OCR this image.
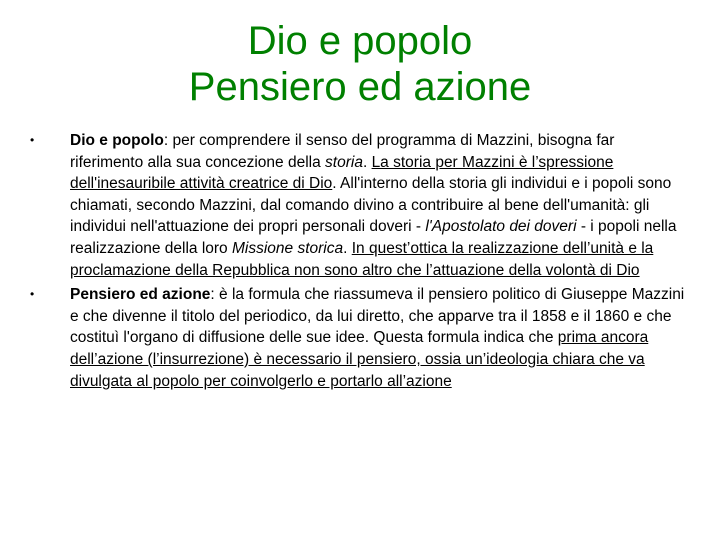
Dio e popolo
Pensiero ed azione
• Dio e popolo: per comprendere il senso del programma di Mazzini, bisogna far riferimento alla sua concezione della storia. La storia per Mazzini è l’spressione dell'inesauribile attività creatrice di Dio. All'interno della storia gli individui e i popoli sono chiamati, secondo Mazzini, dal comando divino a contribuire al bene dell'umanità: gli individui nell'attuazione dei propri personali doveri - l'Apostolato dei doveri - i popoli nella realizzazione della loro Missione storica. In quest’ottica la realizzazione dell’unità e la proclamazione della Repubblica non sono altro che l’attuazione della volontà di Dio
• Pensiero ed azione: è la formula che riassumeva il pensiero politico di Giuseppe Mazzini e che divenne il titolo del periodico, da lui diretto, che apparve tra il 1858 e il 1860 e che costituì l'organo di diffusione delle sue idee. Questa formula indica che prima ancora dell’azione (l’insurrezione) è necessario il pensiero, ossia un’ideologia chiara che va divulgata al popolo per coinvolgerlo e portarlo all’azione
